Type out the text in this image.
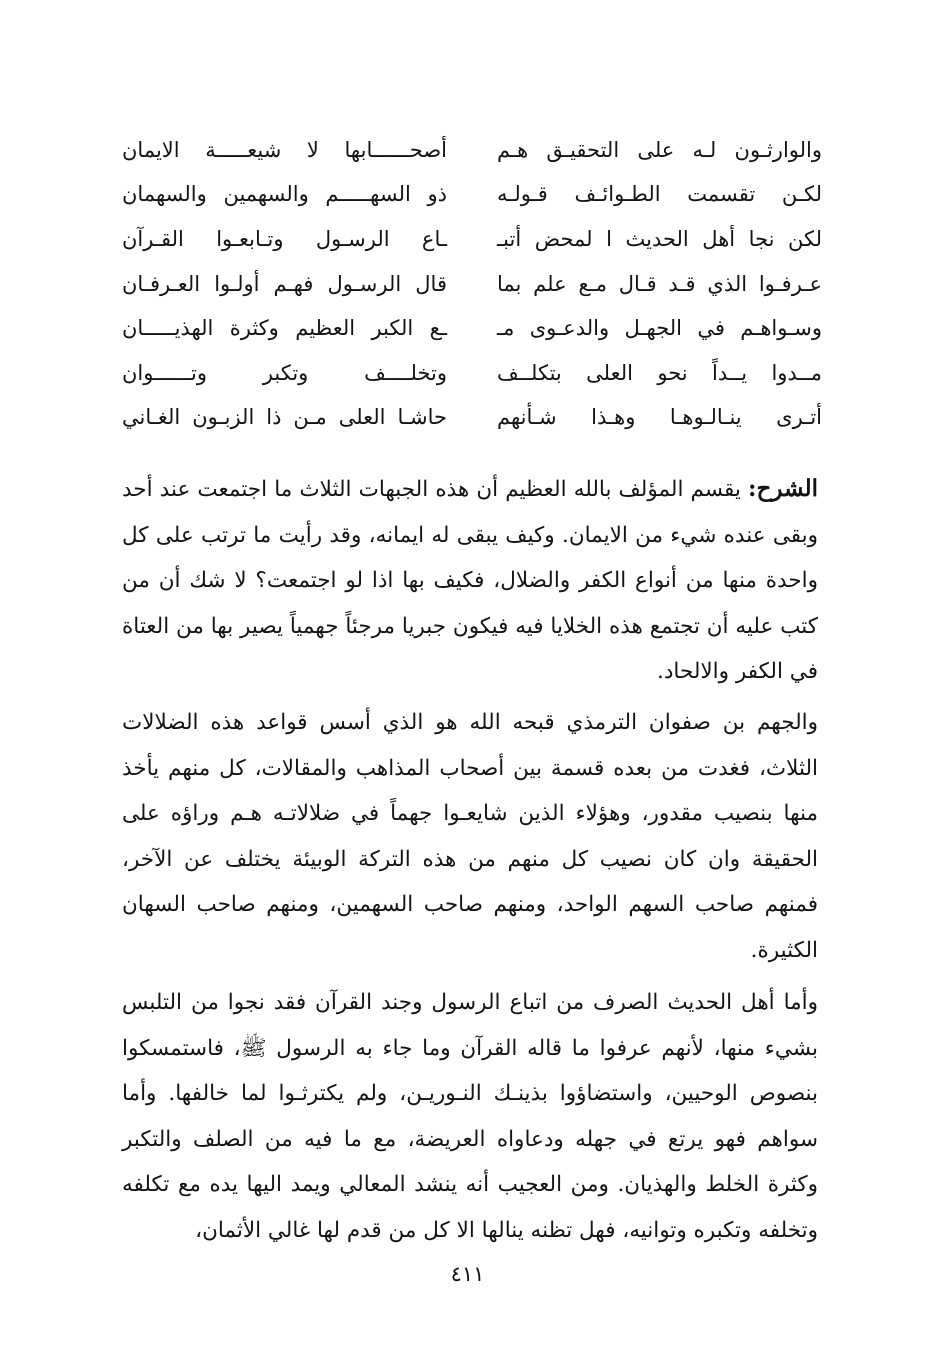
والوارثـون لـه على التحقيـق هـم
أصحــــــابها لا شيعـــــة الايمان
لكـن تقسمت الطـوائـف قـولـه
ذو السهـــــم والسهمين والسهمان
لكن نجا أهل الحديث ا لمحض أتبـ
ـاع الرسـول وتـابعـوا القـرآن
عـرفـوا الذي قـد قـال مـع علم بما
قال الرسـول فهـم أولـوا العـرفـان
وسـواهـم في الجهـل والدعـوى مـ
ـع الكبر العظيم وكثرة الهذيـــــان
مــدوا يــداً نحو العلى بتكلــف
وتخلــــف وتكبر وتــــــوان
أتـرى ينـالـوهـا وهـذا شـأنهم
حاشـا العلى مـن ذا الزبـون الغـاني

الشرح: يقسم المؤلف بالله العظيم أن هذه الجبهات الثلاث ما اجتمعت عند أحد وبقى عنده شيء من الايمان. وكيف يبقى له ايمانه، وقد رأيت ما ترتب على كل واحدة منها من أنواع الكفر والضلال، فكيف بها اذا لو اجتمعت؟ لا شك أن من كتب عليه أن تجتمع هذه الخلايا فيه فيكون جبريا مرجئاً جهمياً يصير بها من العتاة في الكفر والالحاد.

والجهم بن صفوان الترمذي قبحه الله هو الذي أسس قواعد هذه الضلالات الثلاث، فغدت من بعده قسمة بين أصحاب المذاهب والمقالات، كل منهم يأخذ منها بنصيب مقدور، وهؤلاء الذين شايعـوا جهماً في ضلالاتـه هـم وراؤه على الحقيقة وان كان نصيب كل منهم من هذه التركة الوبيئة يختلف عن الآخر، فمنهم صاحب السهم الواحد، ومنهم صاحب السهمين، ومنهم صاحب السهان الكثيرة.

وأما أهل الحديث الصرف من اتباع الرسول وجند القرآن فقد نجوا من التلبس بشيء منها، لأنهم عرفوا ما قاله القرآن وما جاء به الرسول ﷺ، فاستمسكوا بنصوص الوحيين، واستضاؤوا بذينـك النـوريـن، ولم يكترثـوا لما خالفها. وأما سواهم فهو يرتع في جهله ودعاواه العريضة، مع ما فيه من الصلف والتكبر وكثرة الخلط والهذيان. ومن العجيب أنه ينشد المعالي ويمد اليها يده مع تكلفه وتخلفه وتكبره وتوانيه، فهل تظنه ينالها الا كل من قدم لها غالي الأثمان،

٤١١
